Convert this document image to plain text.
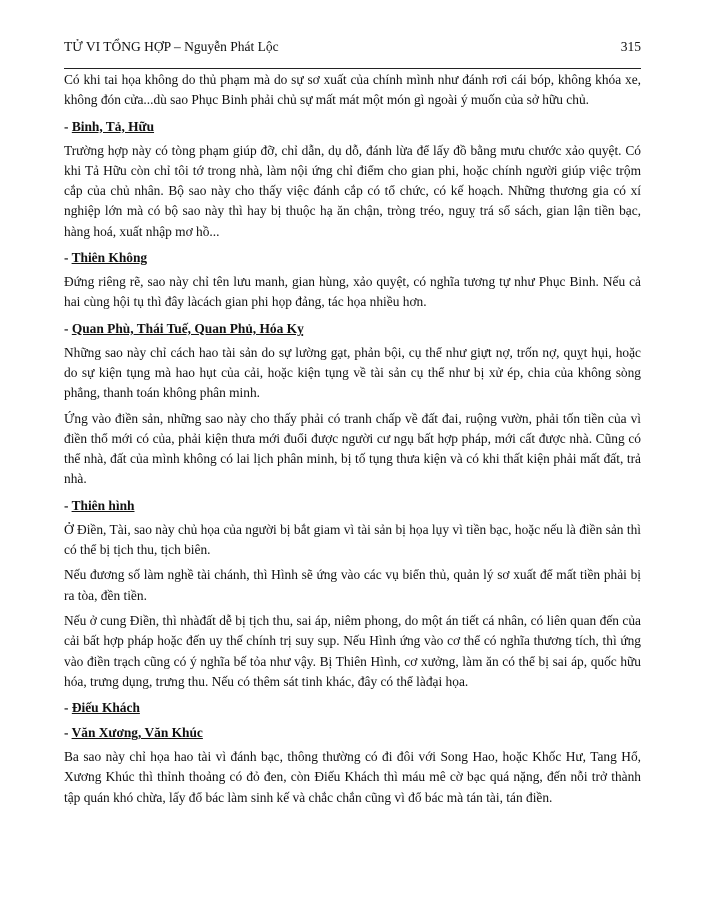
TỬ VI TỔNG HỢP – Nguyễn Phát Lộc	315

Có khi tai họa không do thủ phạm mà do sự sơ xuất của chính mình như đánh rơi cái bóp, không khóa xe, không đón cửa...dù sao Phục Binh phải chủ sự mất mát một món gì ngoài ý muốn của sở hữu chủ.

- Binh, Tả, Hữu

Trường hợp này có tòng phạm giúp đỡ, chỉ dẫn, dụ dỗ, đánh lừa để lấy đồ bằng mưu chước xảo quyệt. Có khi Tả Hữu còn chỉ tôi tớ trong nhà, làm nội ứng chỉ điểm cho gian phi, hoặc chính người giúp việc trộm cắp của chủ nhân. Bộ sao này cho thấy việc đánh cắp có tổ chức, có kế hoạch. Những thương gia có xí nghiệp lớn mà có bộ sao này thì hay bị thuộc hạ ăn chận, tròng tréo, nguỵ trá sổ sách, gian lận tiền bạc, hàng hoá, xuất nhập mơ hồ...

- Thiên Không

Đứng riêng rẽ, sao này chỉ tên lưu manh, gian hùng, xảo quyệt, có nghĩa tương tự như Phục Binh. Nếu cả hai cùng hội tụ thì đây làcách gian phi họp đảng, tác họa nhiều hơn.

- Quan Phù, Thái Tuế, Quan Phủ, Hóa Kỵ

Những sao này chỉ cách hao tài sản do sự lường gạt, phản bội, cụ thể như giựt nợ, trốn nợ, quỵt hụi, hoặc do sự kiện tụng mà hao hụt của cải, hoặc kiện tụng về tài sản cụ thể như bị xử ép, chia của không sòng phẳng, thanh toán không phân minh.

Ứng vào điền sản, những sao này cho thấy phải có tranh chấp về đất đai, ruộng vườn, phải tốn tiền của vì điền thổ mới có của, phải kiện thưa mới đuổi được người cư ngụ bất hợp pháp, mới cất được nhà. Cũng có thể nhà, đất của mình không có lai lịch phân minh, bị tố tụng thưa kiện và có khi thất kiện phải mất đất, trả nhà.

- Thiên hình

Ở Điền, Tài, sao này chủ họa của người bị bắt giam vì tài sản bị họa lụy vì tiền bạc, hoặc nếu là điền sản thì có thể bị tịch thu, tịch biên.

Nếu đương số làm nghề tài chánh, thì Hình sẽ ứng vào các vụ biển thủ, quản lý sơ xuất để mất tiền phải bị ra tòa, đền tiền.

Nếu ở cung Điền, thì nhàđất dễ bị tịch thu, sai áp, niêm phong, do một án tiết cá nhân, có liên quan đến của cải bất hợp pháp hoặc đến uy thế chính trị suy sụp. Nếu Hình ứng vào cơ thể có nghĩa thương tích, thì ứng vào điền trạch cũng có ý nghĩa bế tỏa như vậy. Bị Thiên Hình, cơ xưởng, làm ăn có thể bị sai áp, quốc hữu hóa, trưng dụng, trưng thu. Nếu có thêm sát tinh khác, đây có thể làđại họa.

- Điếu Khách
- Văn Xương, Văn Khúc

Ba sao này chỉ họa hao tài vì đánh bạc, thông thường có đi đôi với Song Hao, hoặc Khốc Hư, Tang Hổ, Xương Khúc thì thỉnh thoảng có đỏ đen, còn Điếu Khách thì máu mê cờ bạc quá nặng, đến nỗi trở thành tập quán khó chừa, lấy đổ bác làm sinh kế và chắc chắn cũng vì đổ bác mà tán tài, tán điền.
